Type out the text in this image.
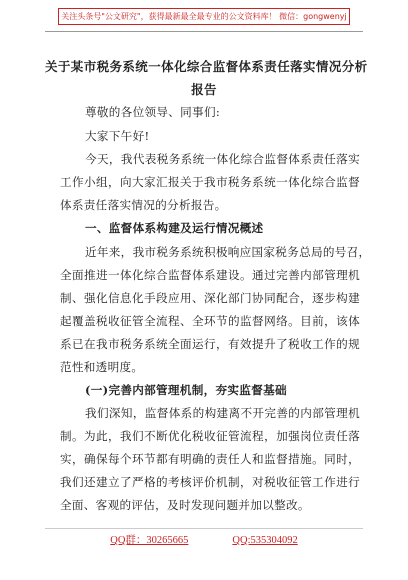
关注头条号"公文研究"，获得最新最全最专业的公文资料库！ 微信：gongwenyj
关于某市税务系统一体化综合监督体系责任落实情况分析
报告
尊敬的各位领导、同事们:
大家下午好!
今天，我代表税务系统一体化综合监督体系责任落实
工作小组，向大家汇报关于我市税务系统一体化综合监督
体系责任落实情况的分析报告。
一、监督体系构建及运行情况概述
近年来，我市税务系统积极响应国家税务总局的号召，
全面推进一体化综合监督体系建设。通过完善内部管理机
制、强化信息化手段应用、深化部门协同配合，逐步构建
起覆盖税收征管全流程、全环节的监督网络。目前，该体
系已在我市税务系统全面运行，有效提升了税收工作的规
范性和透明度。
(一)完善内部管理机制，夯实监督基础
我们深知，监督体系的构建离不开完善的内部管理机
制。为此，我们不断优化税收征管流程，加强岗位责任落
实，确保每个环节都有明确的责任人和监督措施。同时，
我们还建立了严格的考核评价机制，对税收征管工作进行
全面、客观的评估，及时发现问题并加以整改。
QQ群：30265665	QQ:535304092
